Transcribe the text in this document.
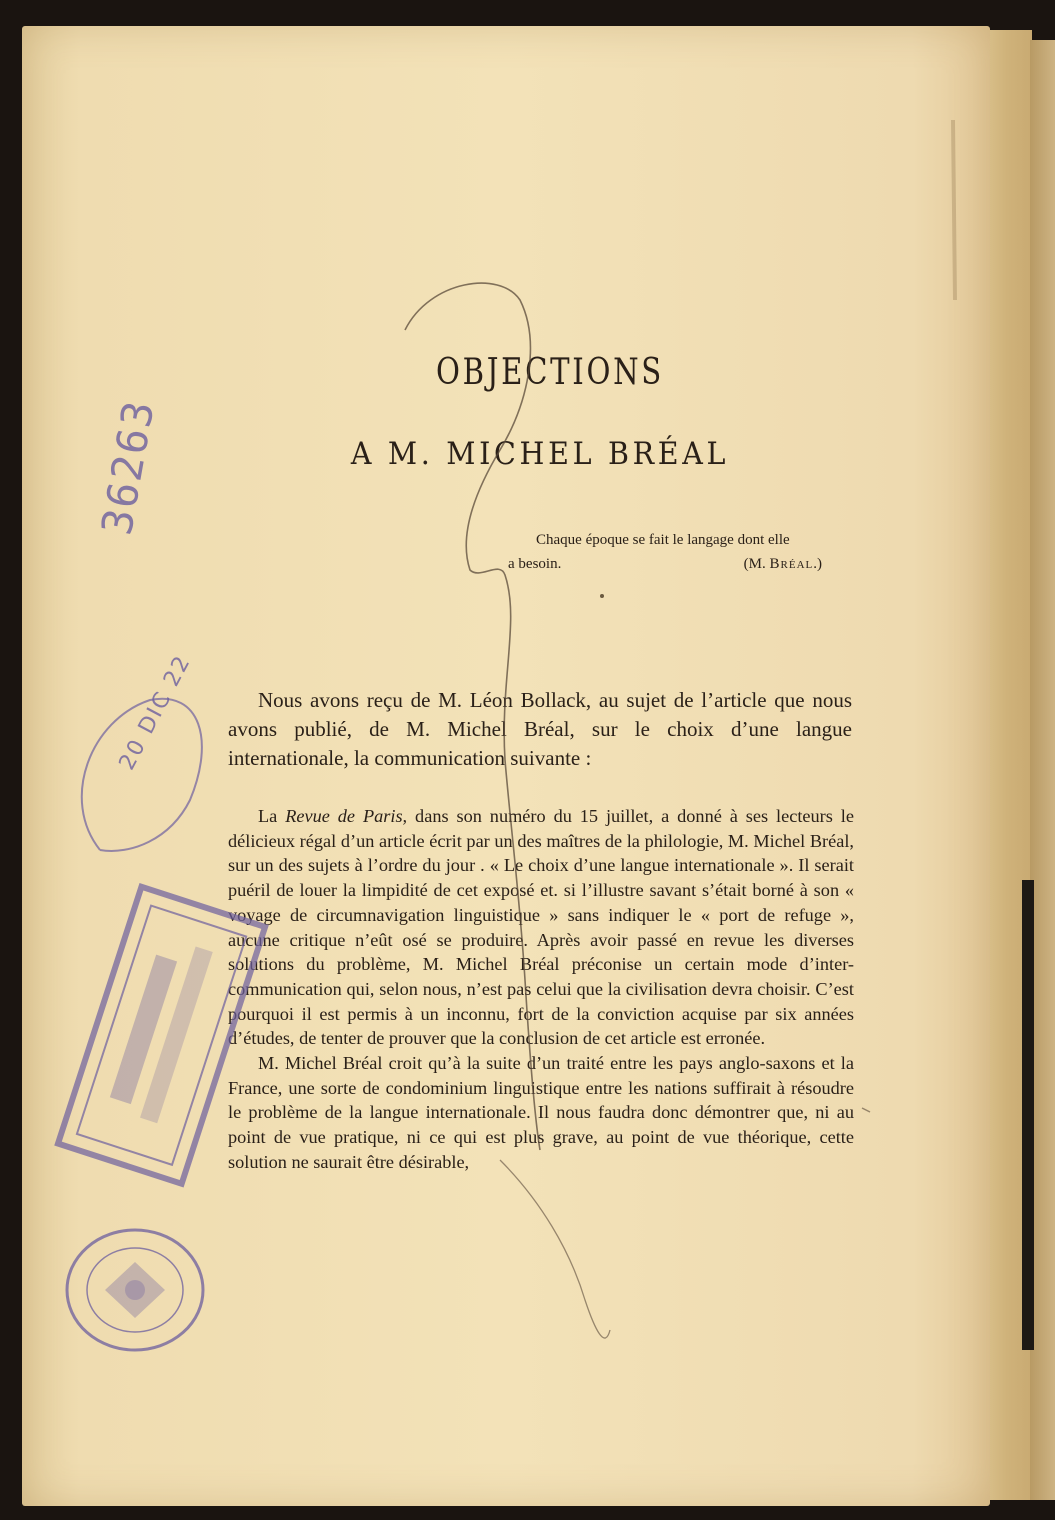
OBJECTIONS
A M. MICHEL BRÉAL
Chaque époque se fait le langage dont elle
a besoin.	(M. Bréal.)

Nous avons reçu de M. Léon Bollack, au sujet de l’article que nous avons publié, de M. Michel Bréal, sur le choix d’une langue internationale, la communication suivante :

La Revue de Paris, dans son numéro du 15 juillet, a donné à ses lecteurs le délicieux régal d’un article écrit par un des maîtres de la philologie, M. Michel Bréal, sur un des sujets à l’ordre du jour . « Le choix d’une langue internationale ». Il serait puéril de louer la limpidité de cet exposé et. si l’illustre savant s’était borné à son « voyage de circumnavigation linguistique » sans indiquer le « port de refuge », aucune critique n’eût osé se produire. Après avoir passé en revue les diverses solutions du problème, M. Michel Bréal préconise un certain mode d’inter-communication qui, selon nous, n’est pas celui que la civilisation devra choisir. C’est pourquoi il est permis à un inconnu, fort de la conviction acquise par six années d’études, de tenter de prouver que la conclusion de cet article est erronée.

M. Michel Bréal croit qu’à la suite d’un traité entre les pays anglo-saxons et la France, une sorte de condominium linguistique entre les nations suffirait à résoudre le problème de la langue internationale. Il nous faudra donc démontrer que, ni au point de vue pratique, ni ce qui est plus grave, au point de vue théorique, cette solution ne saurait être désirable,

36263
20 DIC 22
